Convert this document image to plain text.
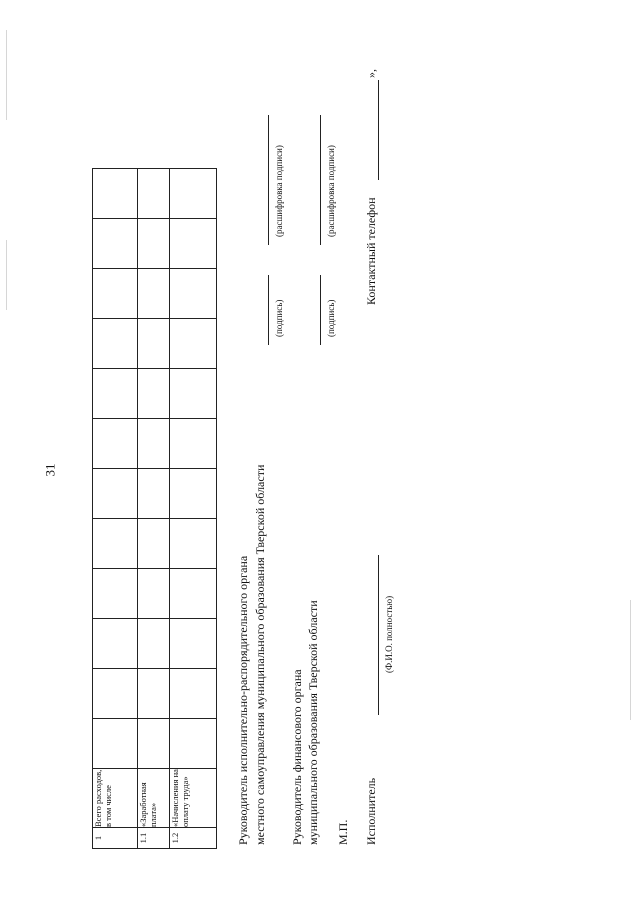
31
1	Всего расходов, в том числе												
1.1	«Заработная плата»												
1.2	«Начисления на оплату труда»													Руководитель исполнительно-распорядительного органа местного самоуправления муниципального образования Тверской области
(подпись)
(расшифровка подписи)
Руководитель финансового органа муниципального образования Тверской области
(подпись)
(расшифровка подписи)
М.П. Исполнитель
(Ф.И.О. полностью)
Контактный телефон
»,
